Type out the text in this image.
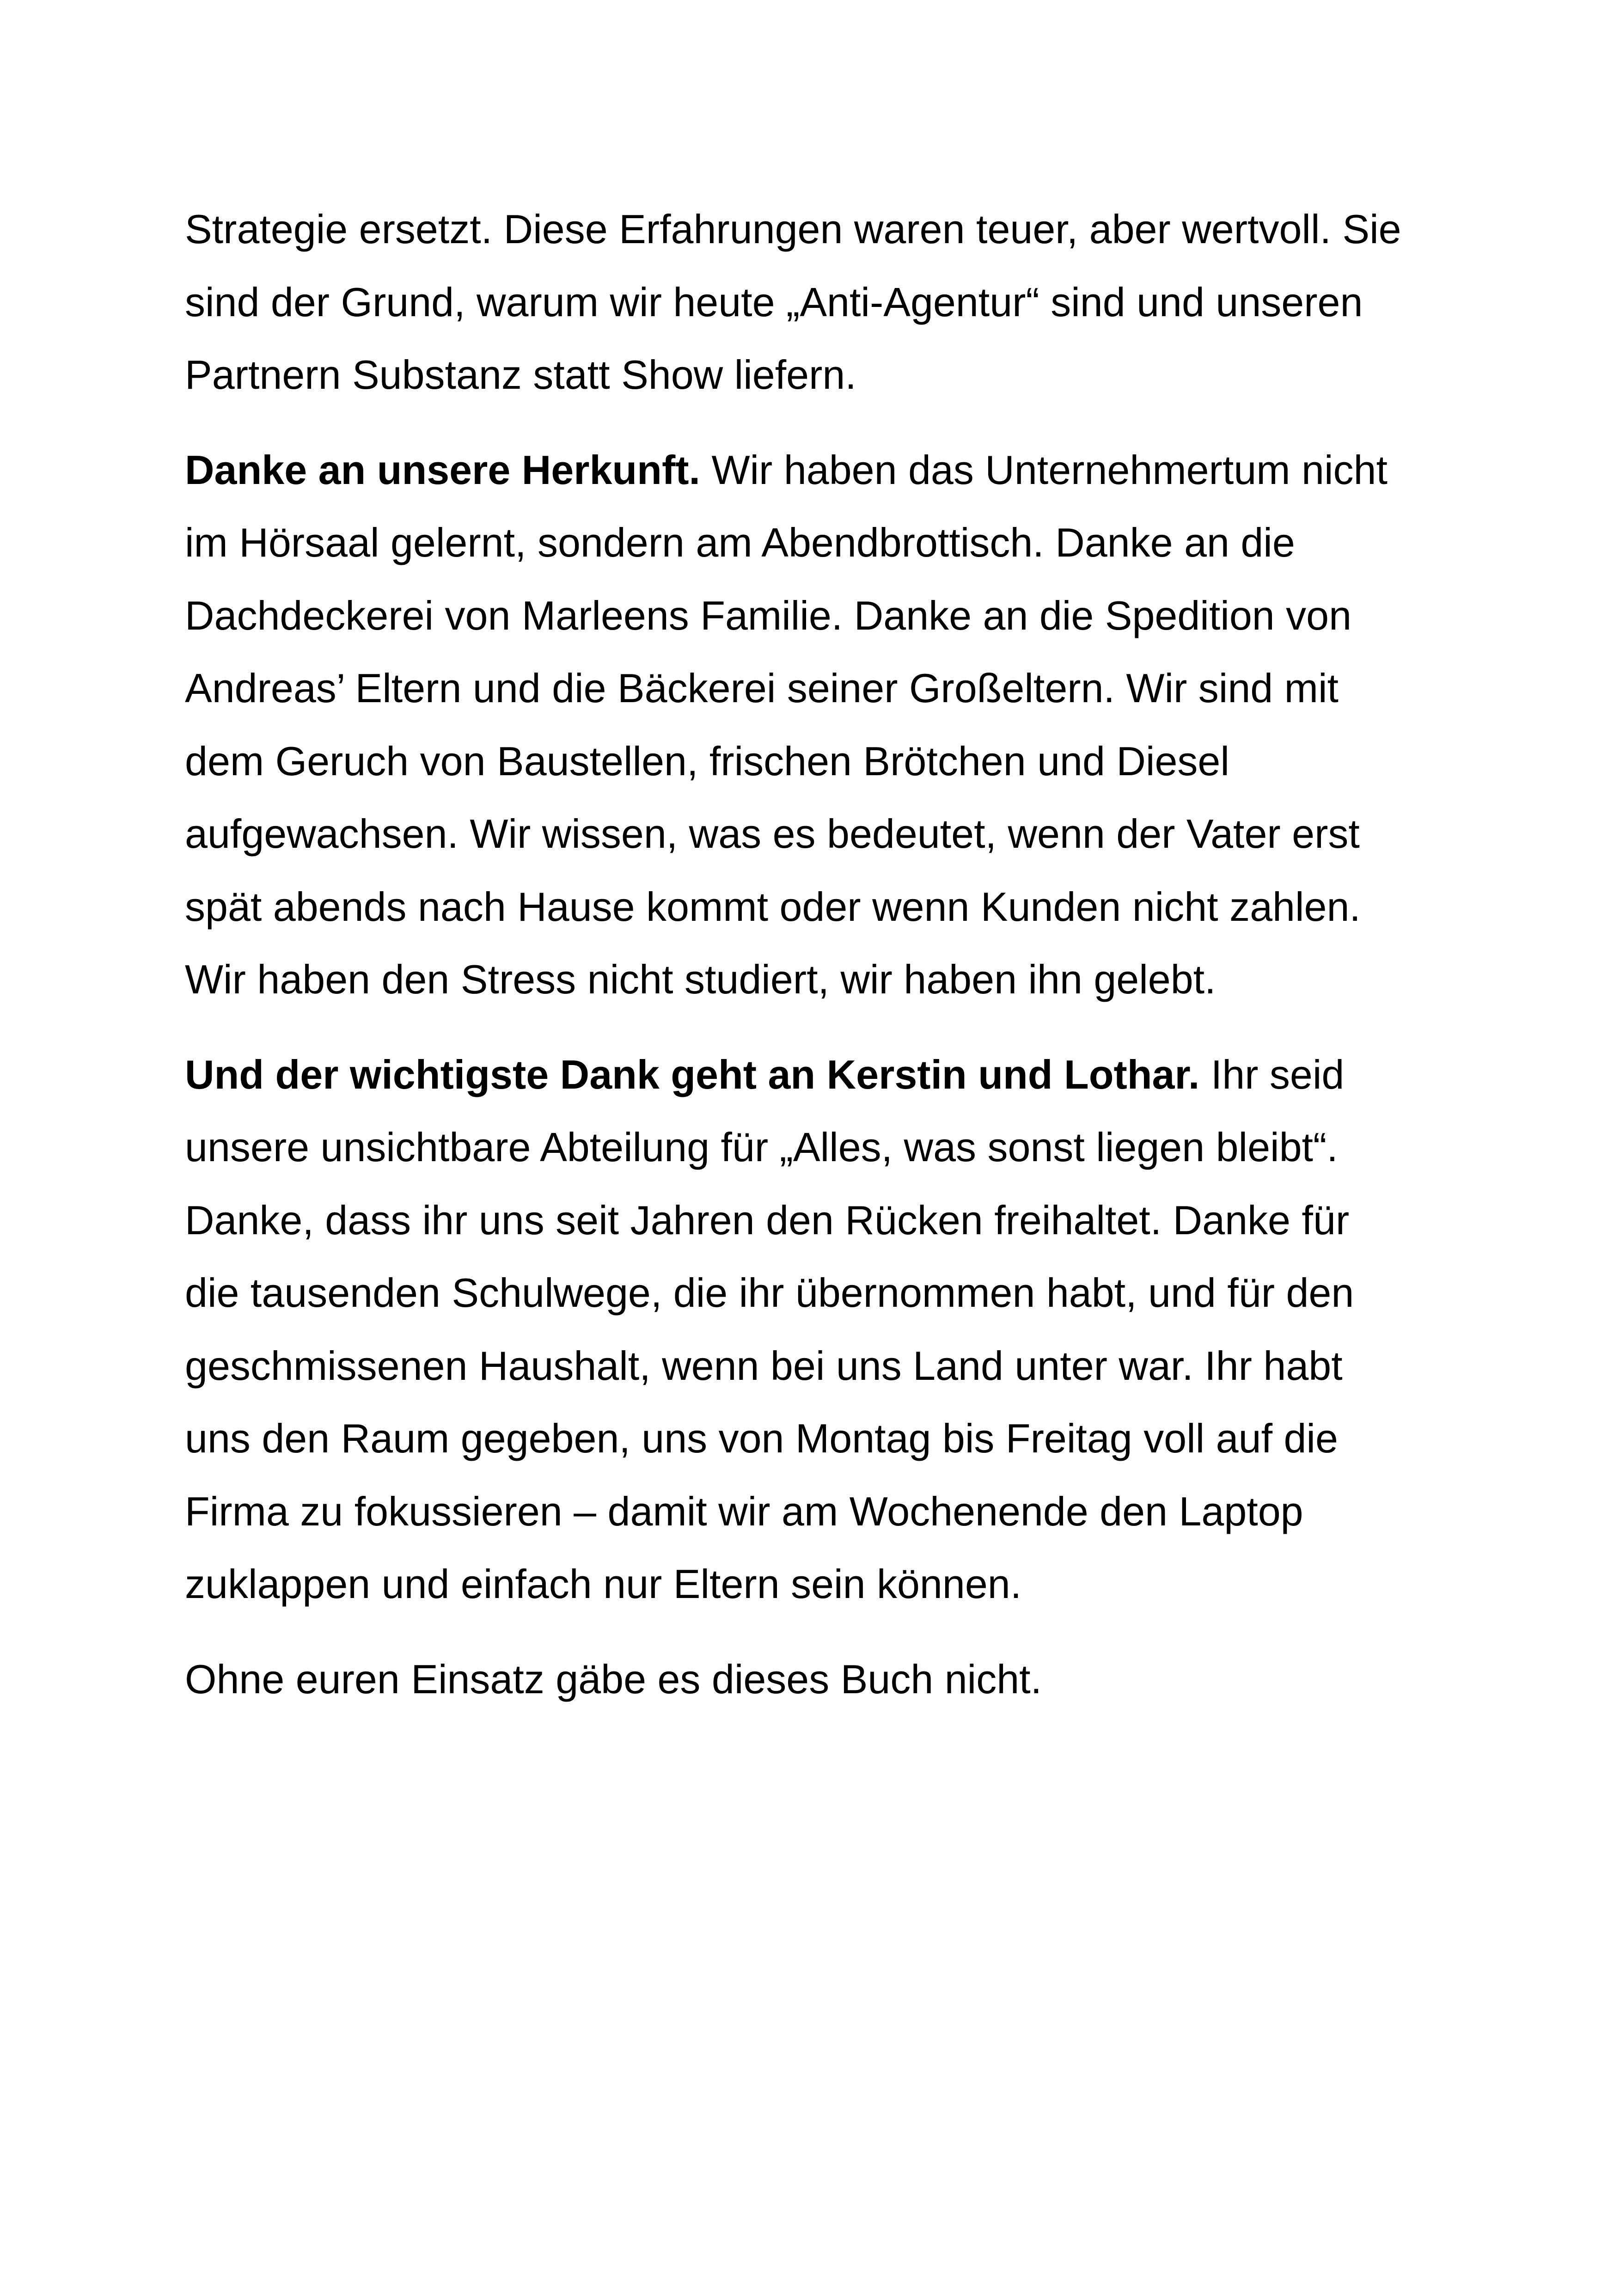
Strategie ersetzt. Diese Erfahrungen waren teuer, aber wertvoll. Sie
sind der Grund, warum wir heute „Anti-Agentur“ sind und unseren
Partnern Substanz statt Show liefern.

Danke an unsere Herkunft. Wir haben das Unternehmertum nicht
im Hörsaal gelernt, sondern am Abendbrottisch. Danke an die
Dachdeckerei von Marleens Familie. Danke an die Spedition von
Andreas’ Eltern und die Bäckerei seiner Großeltern. Wir sind mit
dem Geruch von Baustellen, frischen Brötchen und Diesel
aufgewachsen. Wir wissen, was es bedeutet, wenn der Vater erst
spät abends nach Hause kommt oder wenn Kunden nicht zahlen.
Wir haben den Stress nicht studiert, wir haben ihn gelebt.

Und der wichtigste Dank geht an Kerstin und Lothar. Ihr seid
unsere unsichtbare Abteilung für „Alles, was sonst liegen bleibt“.
Danke, dass ihr uns seit Jahren den Rücken freihaltet. Danke für
die tausenden Schulwege, die ihr übernommen habt, und für den
geschmissenen Haushalt, wenn bei uns Land unter war. Ihr habt
uns den Raum gegeben, uns von Montag bis Freitag voll auf die
Firma zu fokussieren – damit wir am Wochenende den Laptop
zuklappen und einfach nur Eltern sein können.

Ohne euren Einsatz gäbe es dieses Buch nicht.
